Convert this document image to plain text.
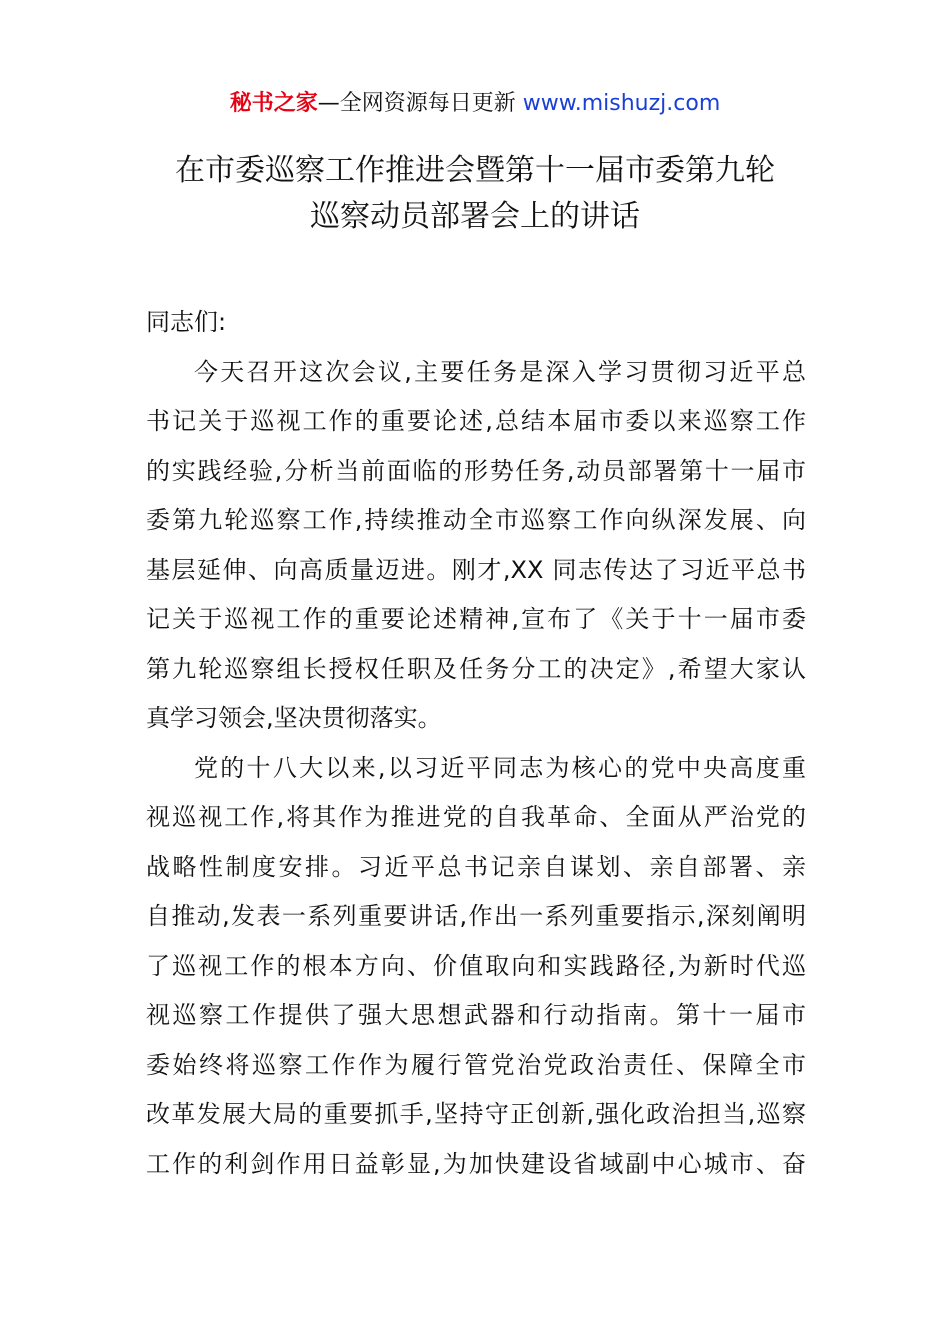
秘书之家—全网资源每日更新 www.mishuzj.com
在市委巡察工作推进会暨第十一届市委第九轮
巡察动员部署会上的讲话

同志们:

今天召开这次会议,主要任务是深入学习贯彻习近平总
书记关于巡视工作的重要论述,总结本届市委以来巡察工作
的实践经验,分析当前面临的形势任务,动员部署第十一届市
委第九轮巡察工作,持续推动全市巡察工作向纵深发展、向
基层延伸、向高质量迈进。刚才,XX 同志传达了习近平总书
记关于巡视工作的重要论述精神,宣布了《关于十一届市委
第九轮巡察组长授权任职及任务分工的决定》,希望大家认
真学习领会,坚决贯彻落实。

党的十八大以来,以习近平同志为核心的党中央高度重
视巡视工作,将其作为推进党的自我革命、全面从严治党的
战略性制度安排。习近平总书记亲自谋划、亲自部署、亲
自推动,发表一系列重要讲话,作出一系列重要指示,深刻阐明
了巡视工作的根本方向、价值取向和实践路径,为新时代巡
视巡察工作提供了强大思想武器和行动指南。第十一届市
委始终将巡察工作作为履行管党治党政治责任、保障全市
改革发展大局的重要抓手,坚持守正创新,强化政治担当,巡察
工作的利剑作用日益彰显,为加快建设省域副中心城市、奋
